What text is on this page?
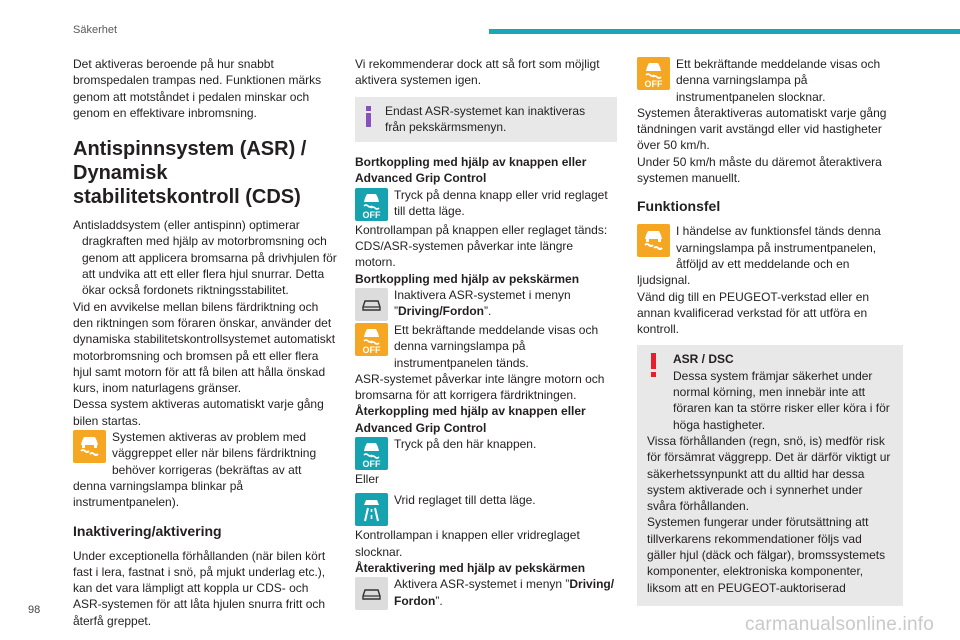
Säkerhet

Det aktiveras beroende på hur snabbt bromspedalen trampas ned. Funktionen märks genom att motståndet i pedalen minskar och genom en effektivare inbromsning.

Antispinnsystem (ASR) / Dynamisk stabilitetskontroll (CDS)

Antisladdsystem (eller antispinn) optimerar dragkraften med hjälp av motorbromsning och genom att applicera bromsarna på drivhjulen för att undvika att ett eller flera hjul snurrar. Detta ökar också fordonets riktningsstabilitet.

Vid en avvikelse mellan bilens färdriktning och den riktningen som föraren önskar, använder det dynamiska stabilitetskontrollsystemet automatiskt motorbromsning och bromsen på ett eller flera hjul samt motorn för att få bilen att hålla önskad kurs, inom naturlagens gränser.

Dessa system aktiveras automatiskt varje gång bilen startas.

Systemen aktiveras av problem med väggreppet eller när bilens färdriktning behöver korrigeras (bekräftas av att denna varningslampa blinkar på instrumentpanelen).

Inaktivering/aktivering

Under exceptionella förhållanden (när bilen kört fast i lera, fastnat i snö, på mjukt underlag etc.), kan det vara lämpligt att koppla ur CDS- och ASR-systemen för att låta hjulen snurra fritt och återfå greppet.

Vi rekommenderar dock att så fort som möjligt aktivera systemen igen.

Endast ASR-systemet kan inaktiveras från pekskärmsmenyn.

Bortkoppling med hjälp av knappen eller Advanced Grip Control

OFF

Tryck på denna knapp eller vrid reglaget till detta läge.

Kontrollampan på knappen eller reglaget tänds: CDS/ASR-systemen påverkar inte längre motorn.

Bortkoppling med hjälp av pekskärmen

Inaktivera ASR-systemet i menyn ”Driving/Fordon”.

OFF

Ett bekräftande meddelande visas och denna varningslampa på instrumentpanelen tänds.

ASR-systemet påverkar inte längre motorn och bromsarna för att korrigera färdriktningen.

Återkoppling med hjälp av knappen eller Advanced Grip Control

OFF

Tryck på den här knappen.

Eller

Vrid reglaget till detta läge.

Kontrollampan i knappen eller vridreglaget slocknar.

Återaktivering med hjälp av pekskärmen

Aktivera ASR-systemet i menyn ”Driving/ Fordon”.

OFF

Ett bekräftande meddelande visas och denna varningslampa på instrumentpanelen slocknar.

Systemen återaktiveras automatiskt varje gång tändningen varit avstängd eller vid hastigheter över 50 km/h.

Under 50 km/h måste du däremot återaktivera systemen manuellt.

Funktionsfel

I händelse av funktionsfel tänds denna varningslampa på instrumentpanelen, åtföljd av ett meddelande och en ljudsignal.

Vänd dig till en PEUGEOT-verkstad eller en annan kvalificerad verkstad för att utföra en kontroll.

ASR / DSC

Dessa system främjar säkerhet under normal körning, men innebär inte att föraren kan ta större risker eller köra i för höga hastigheter.

Vissa förhållanden (regn, snö, is) medför risk för försämrat väggrepp. Det är därför viktigt ur säkerhetssynpunkt att du alltid har dessa system aktiverade och i synnerhet under svåra förhållanden.

Systemen fungerar under förutsättning att tillverkarens rekommendationer följs vad gäller hjul (däck och fälgar), bromssystemets komponenter, elektroniska komponenter, liksom att en PEUGEOT-auktoriserad

98
carmanualsonline.info
